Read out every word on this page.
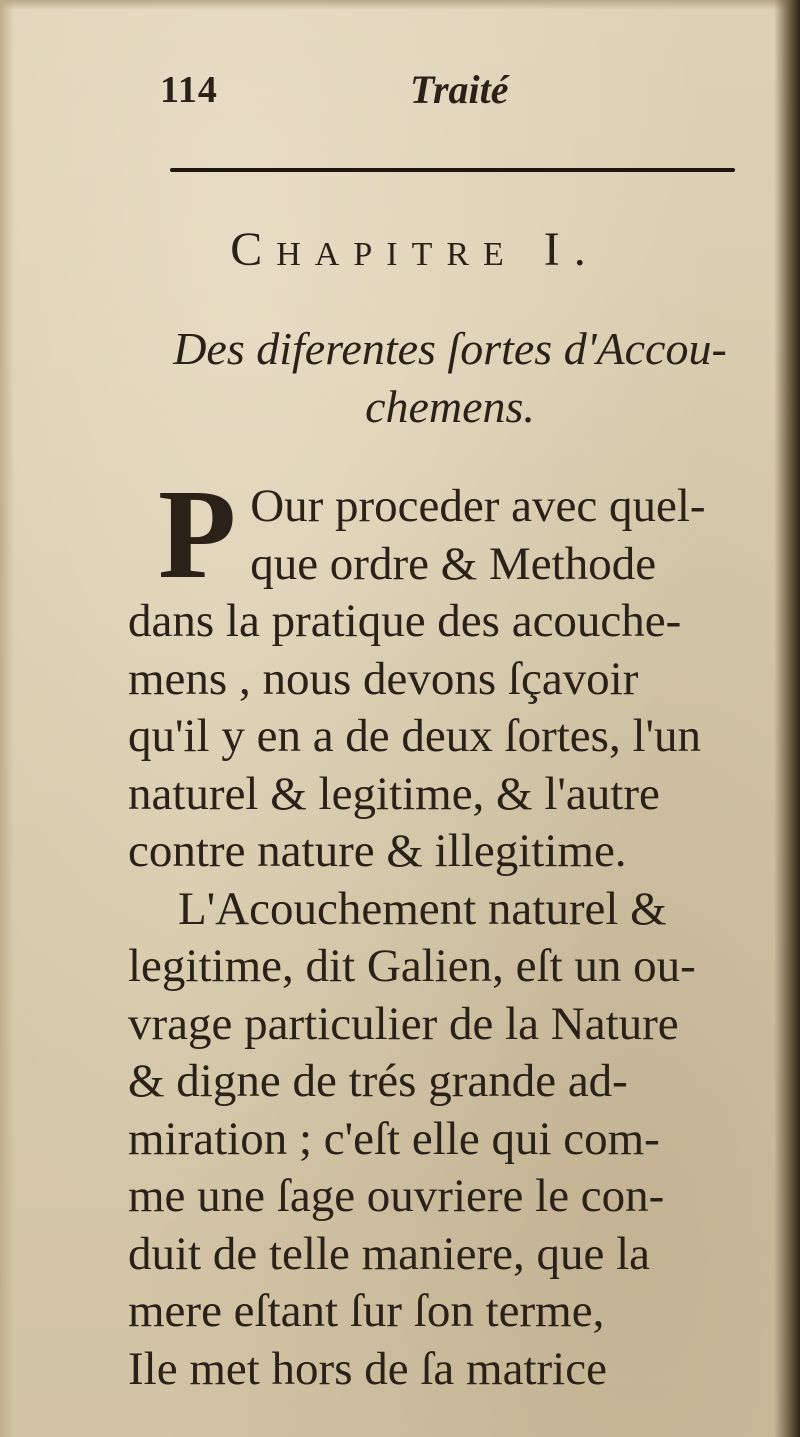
114	Traité
Chapitre I.
Des diferentes ſortes d'Accou-
chemens.

P Our proceder avec quel-
que ordre & Methode
dans la pratique des acouche-
mens , nous devons ſçavoir
qu'il y en a de deux ſortes, l'un
naturel & legitime, & l'autre
contre nature & illegitime.

L'Acouchement naturel &
legitime, dit Galien, eſt un ou-
vrage particulier de la Nature
& digne de trés grande ad-
miration ; c'eſt elle qui com-
me une ſage ouvriere le con-
duit de telle maniere, que la
mere eſtant ſur ſon terme,
Ile met hors de ſa matrice
